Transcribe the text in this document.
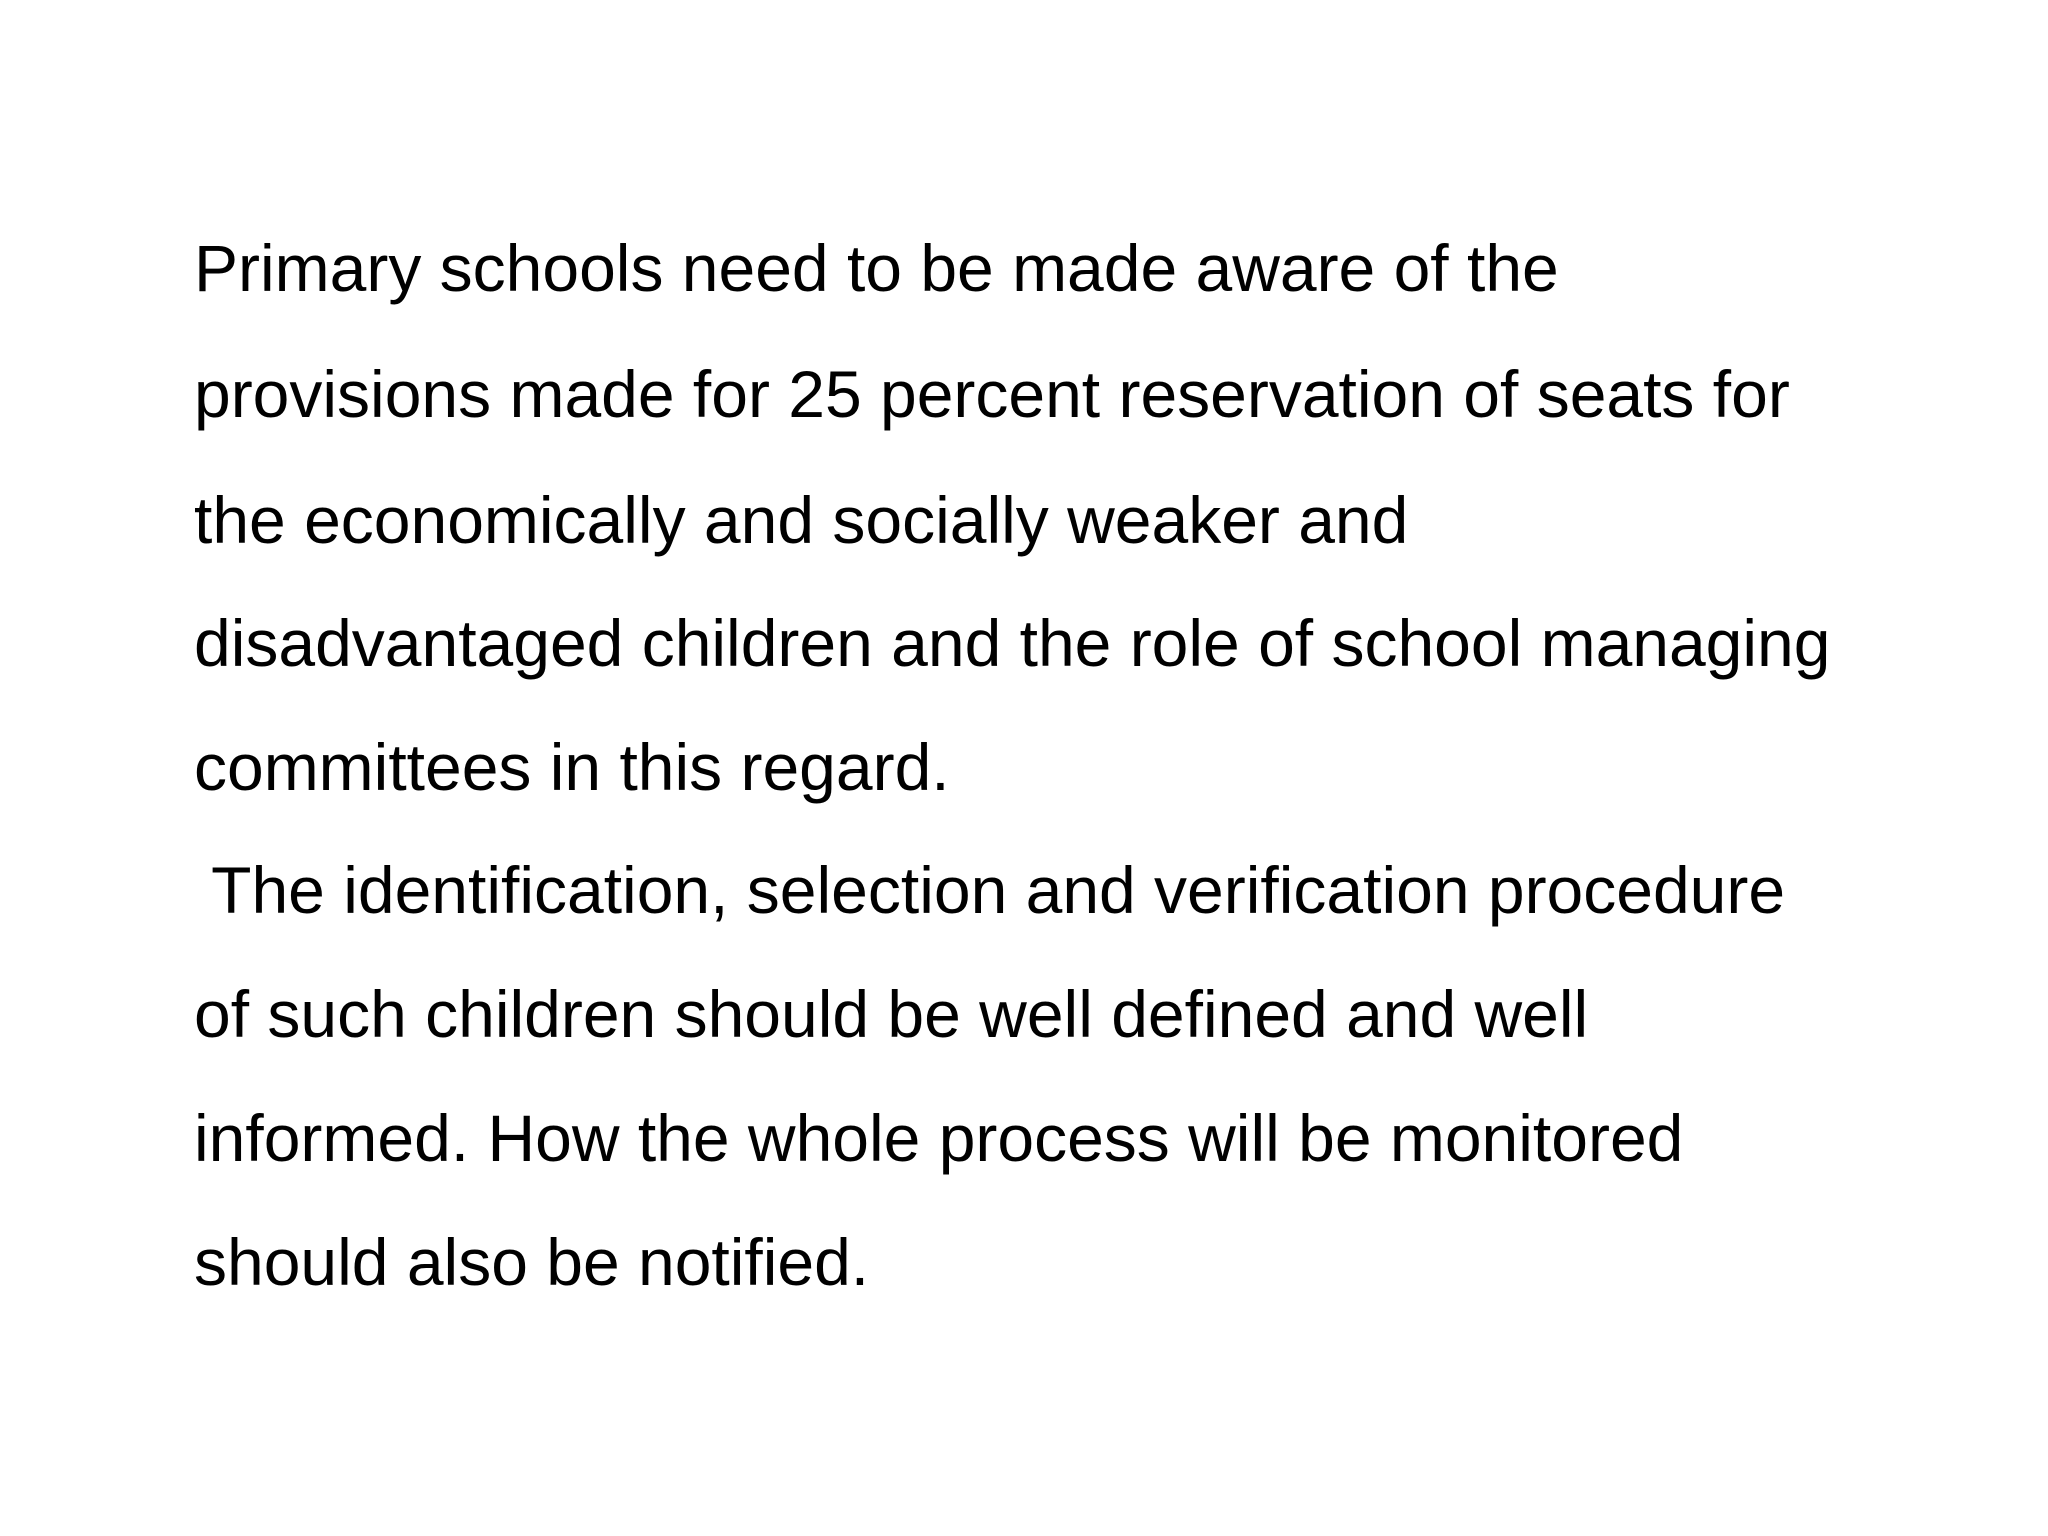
Primary schools need to be made aware of the

provisions made for 25 percent reservation of seats for

the economically and socially weaker and

disadvantaged children and the role of school managing

committees in this regard.

The identification, selection and verification procedure

of such children should be well defined and well

informed. How the whole process will be monitored

should also be notified.
